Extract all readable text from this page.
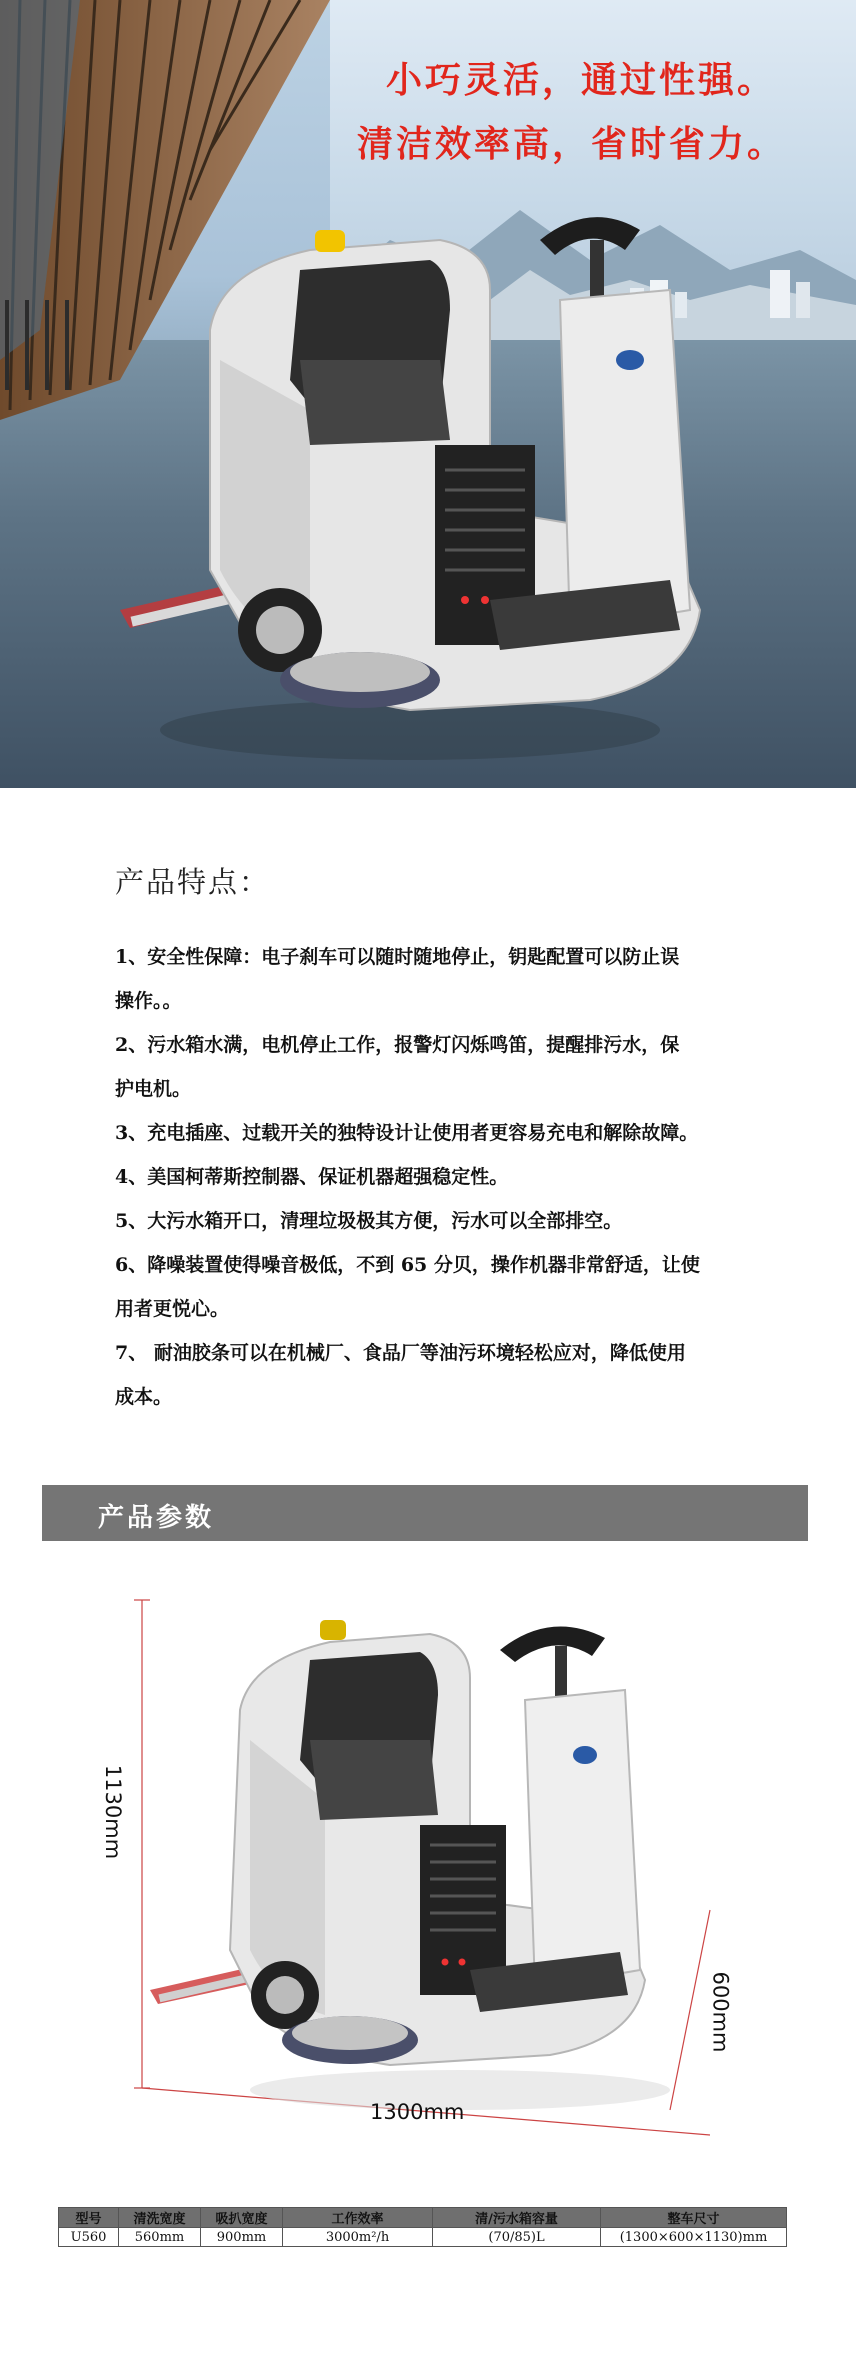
小巧灵活，通过性强。
清洁效率高，省时省力。
产品特点：
1、安全性保障：电子刹车可以随时随地停止，钥匙配置可以防止误
操作。。
2、污水箱水满，电机停止工作，报警灯闪烁鸣笛，提醒排污水，保
护电机。
3、充电插座、过载开关的独特设计让使用者更容易充电和解除故障。
4、美国柯蒂斯控制器、保证机器超强稳定性。
5、大污水箱开口，清理垃圾极其方便，污水可以全部排空。
6、降噪装置使得噪音极低，不到 65 分贝，操作机器非常舒适，让使
用者更悦心。
7、 耐油胶条可以在机械厂、食品厂等油污环境轻松应对，降低使用
成本。
产品参数
1130mm
1300mm
600mm
型号	清洗宽度	吸扒宽度	工作效率	清/污水箱容量	整车尺寸
U560	560mm	900mm	3000m²/h	(70/85)L	(1300×600×1130)mm
